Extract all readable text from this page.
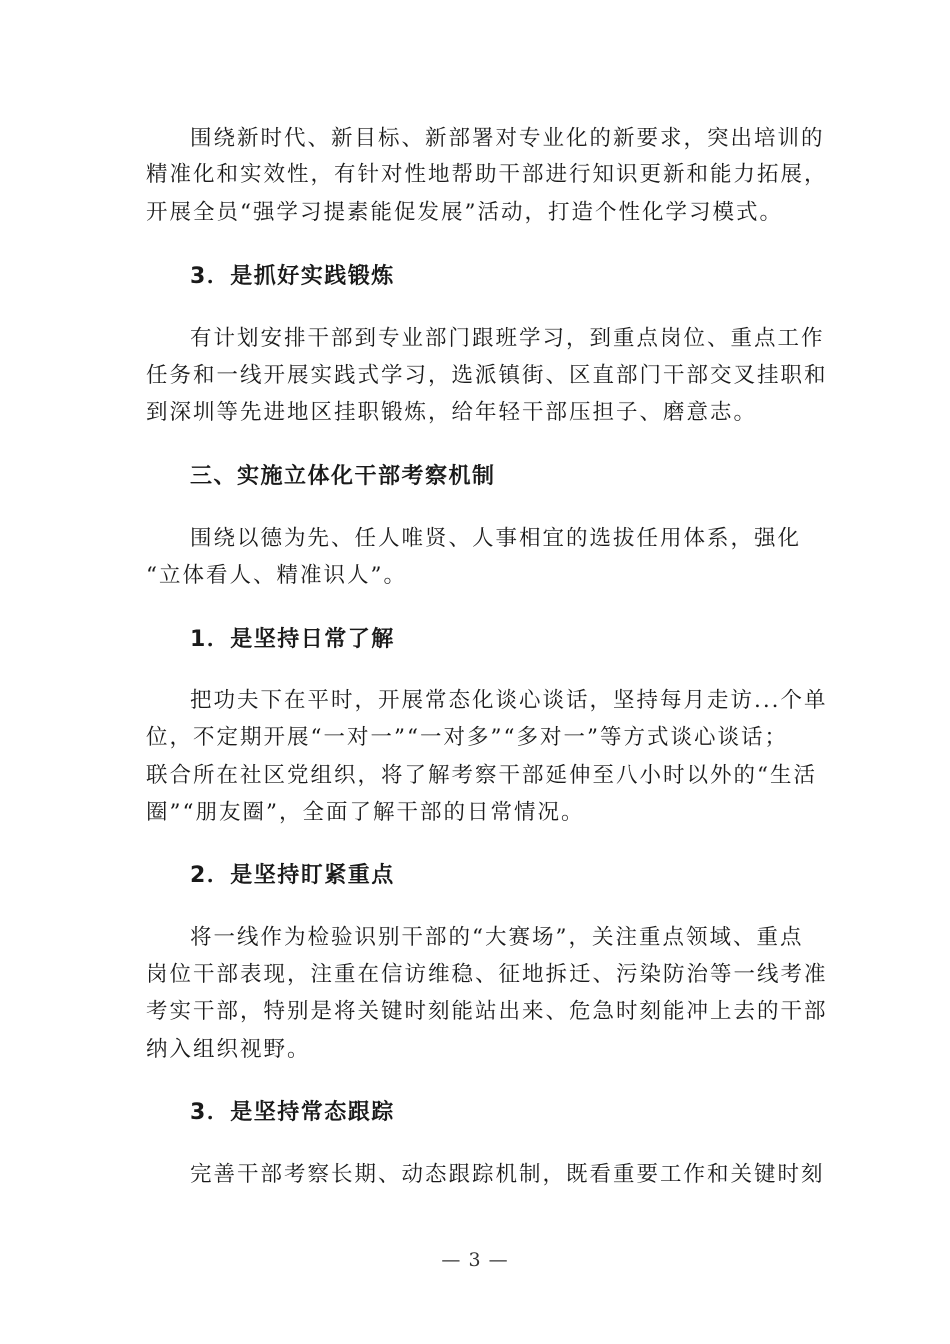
围绕新时代、新目标、新部署对专业化的新要求，突出培训的
精准化和实效性，有针对性地帮助干部进行知识更新和能力拓展，
开展全员“强学习提素能促发展”活动，打造个性化学习模式。
3．是抓好实践锻炼
有计划安排干部到专业部门跟班学习，到重点岗位、重点工作
任务和一线开展实践式学习，选派镇街、区直部门干部交叉挂职和
到深圳等先进地区挂职锻炼，给年轻干部压担子、磨意志。
三、实施立体化干部考察机制
围绕以德为先、任人唯贤、人事相宜的选拔任用体系，强化
“立体看人、精准识人”。
1．是坚持日常了解
把功夫下在平时，开展常态化谈心谈话，坚持每月走访...个单
位，不定期开展“一对一”“一对多”“多对一”等方式谈心谈话；
联合所在社区党组织，将了解考察干部延伸至八小时以外的“生活
圈”“朋友圈”，全面了解干部的日常情况。
2．是坚持盯紧重点
将一线作为检验识别干部的“大赛场”，关注重点领域、重点
岗位干部表现，注重在信访维稳、征地拆迁、污染防治等一线考准
考实干部，特别是将关键时刻能站出来、危急时刻能冲上去的干部
纳入组织视野。
3．是坚持常态跟踪
完善干部考察长期、动态跟踪机制，既看重要工作和关键时刻
— 3 —
